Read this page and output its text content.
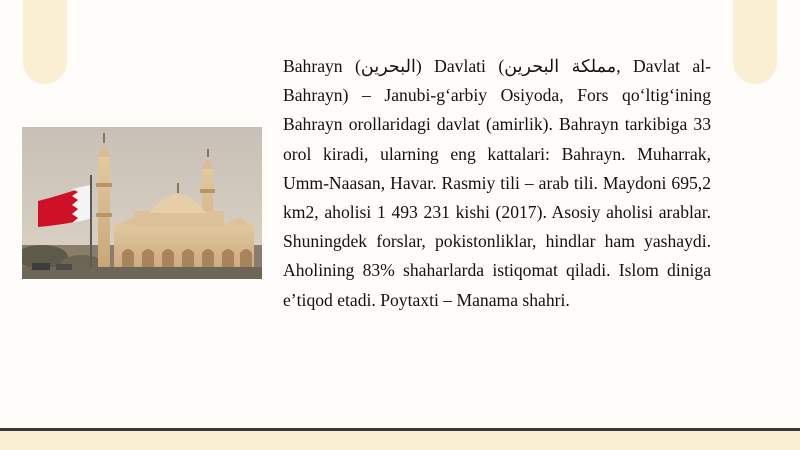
Bahrayn (البحرين) Davlati (مملكة البحرين, Davlat al-Bahrayn) – Janubi-gʻarbiy Osiyoda, Fors qoʻltigʻining Bahrayn orollaridagi davlat (amirlik). Bahrayn tarkibiga 33 orol kiradi, ularning eng kattalari: Bahrayn. Muharrak, Umm-Naasan, Havar. Rasmiy tili – arab tili. Maydoni 695,2 km2, aholisi 1 493 231 kishi (2017). Asosiy aholisi arablar. Shuningdek forslar, pokistonliklar, hindlar ham yashaydi. Aholining 83% shaharlarda istiqomat qiladi. Islom diniga eʼtiqod etadi. Poytaxti – Manama shahri.
